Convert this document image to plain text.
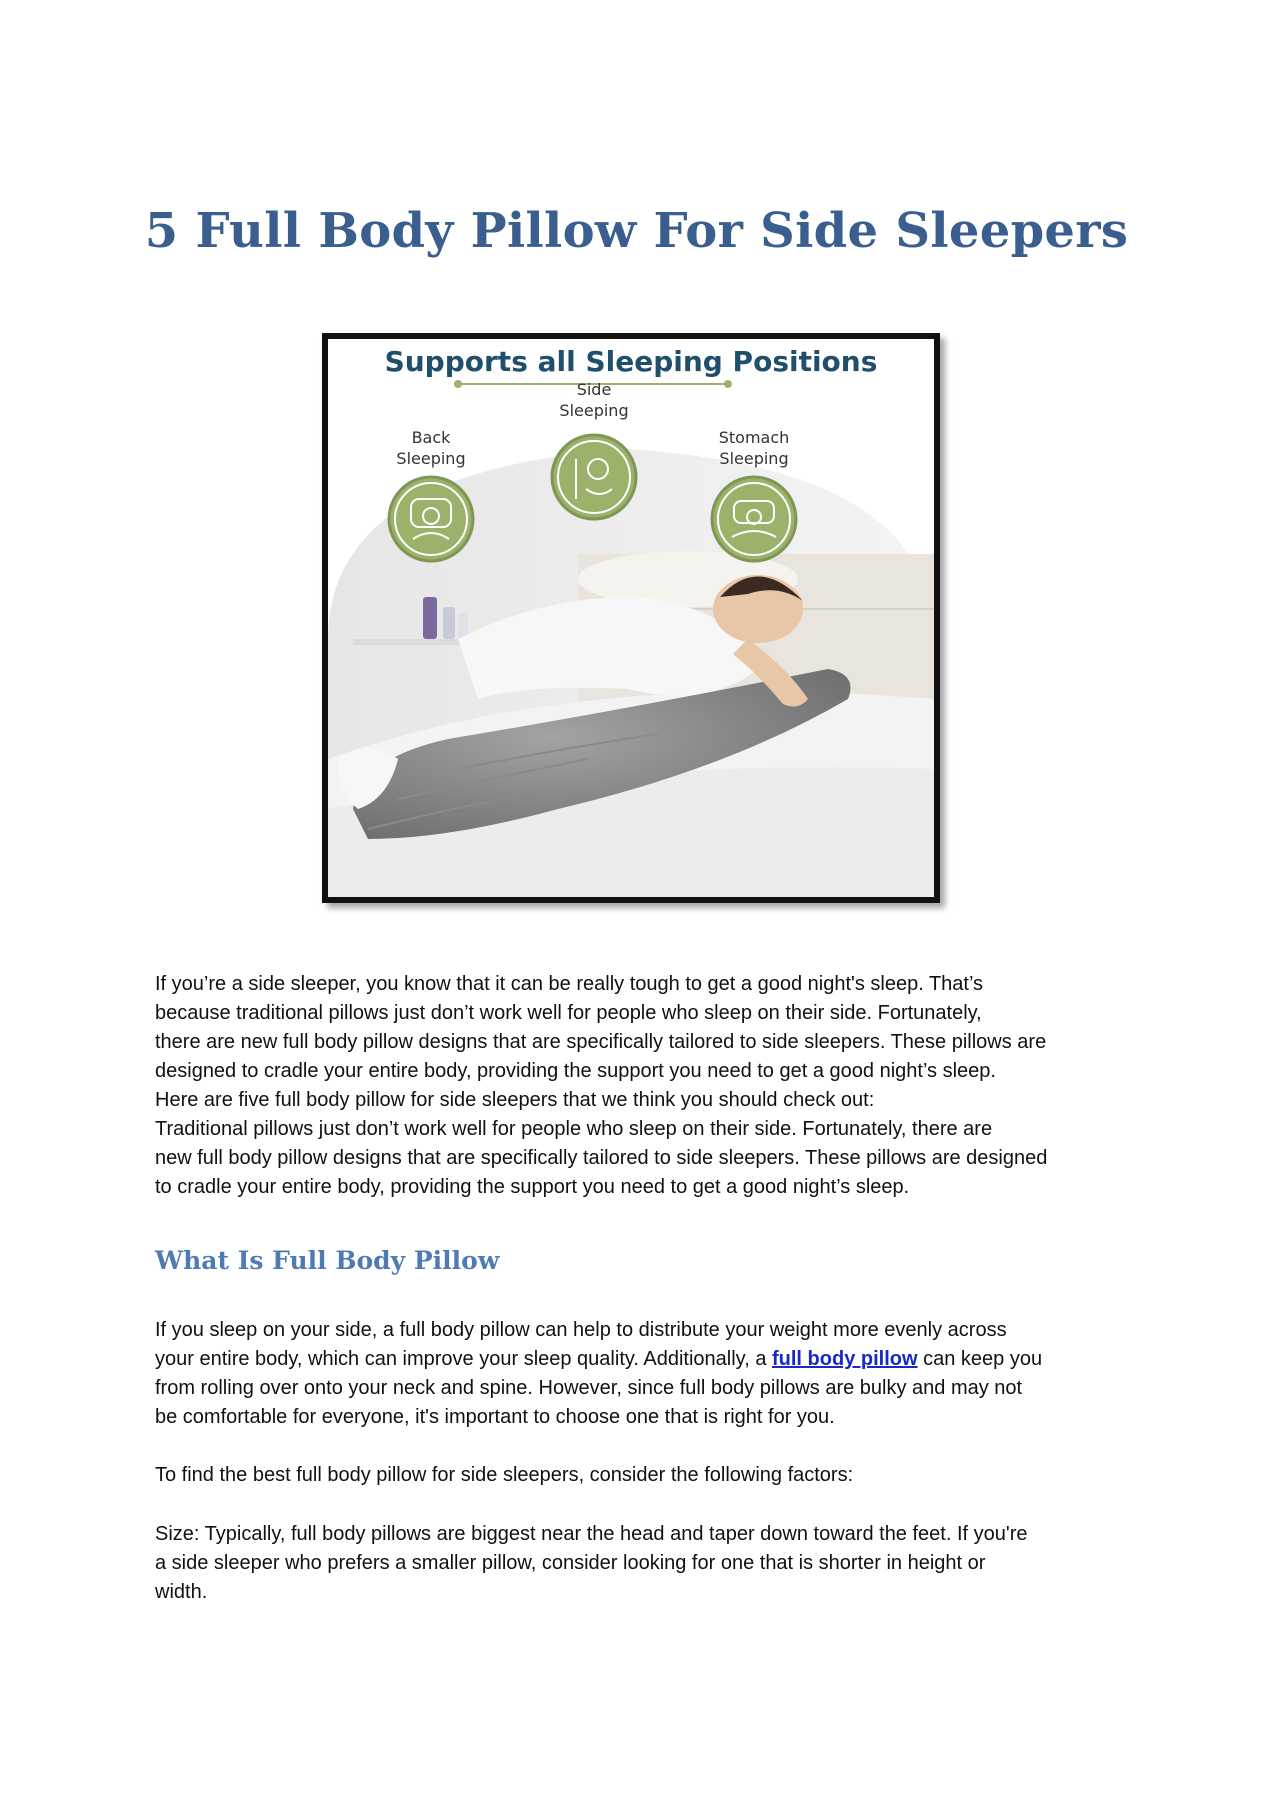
5 Full Body Pillow For Side Sleepers
Supports all Sleeping Positions
Back
Sleeping
Side
Sleeping
Stomach
Sleeping
If you’re a side sleeper, you know that it can be really tough to get a good night's sleep. That’s
because traditional pillows just don’t work well for people who sleep on their side. Fortunately,
there are new full body pillow designs that are specifically tailored to side sleepers. These pillows are
designed to cradle your entire body, providing the support you need to get a good night’s sleep.
Here are five full body pillow for side sleepers that we think you should check out:
Traditional pillows just don’t work well for people who sleep on their side. Fortunately, there are
new full body pillow designs that are specifically tailored to side sleepers. These pillows are designed
to cradle your entire body, providing the support you need to get a good night’s sleep.
What Is Full Body Pillow
If you sleep on your side, a full body pillow can help to distribute your weight more evenly across
your entire body, which can improve your sleep quality. Additionally, a full body pillow can keep you
from rolling over onto your neck and spine. However, since full body pillows are bulky and may not
be comfortable for everyone, it's important to choose one that is right for you.

To find the best full body pillow for side sleepers, consider the following factors:

Size: Typically, full body pillows are biggest near the head and taper down toward the feet. If you're
a side sleeper who prefers a smaller pillow, consider looking for one that is shorter in height or
width.
